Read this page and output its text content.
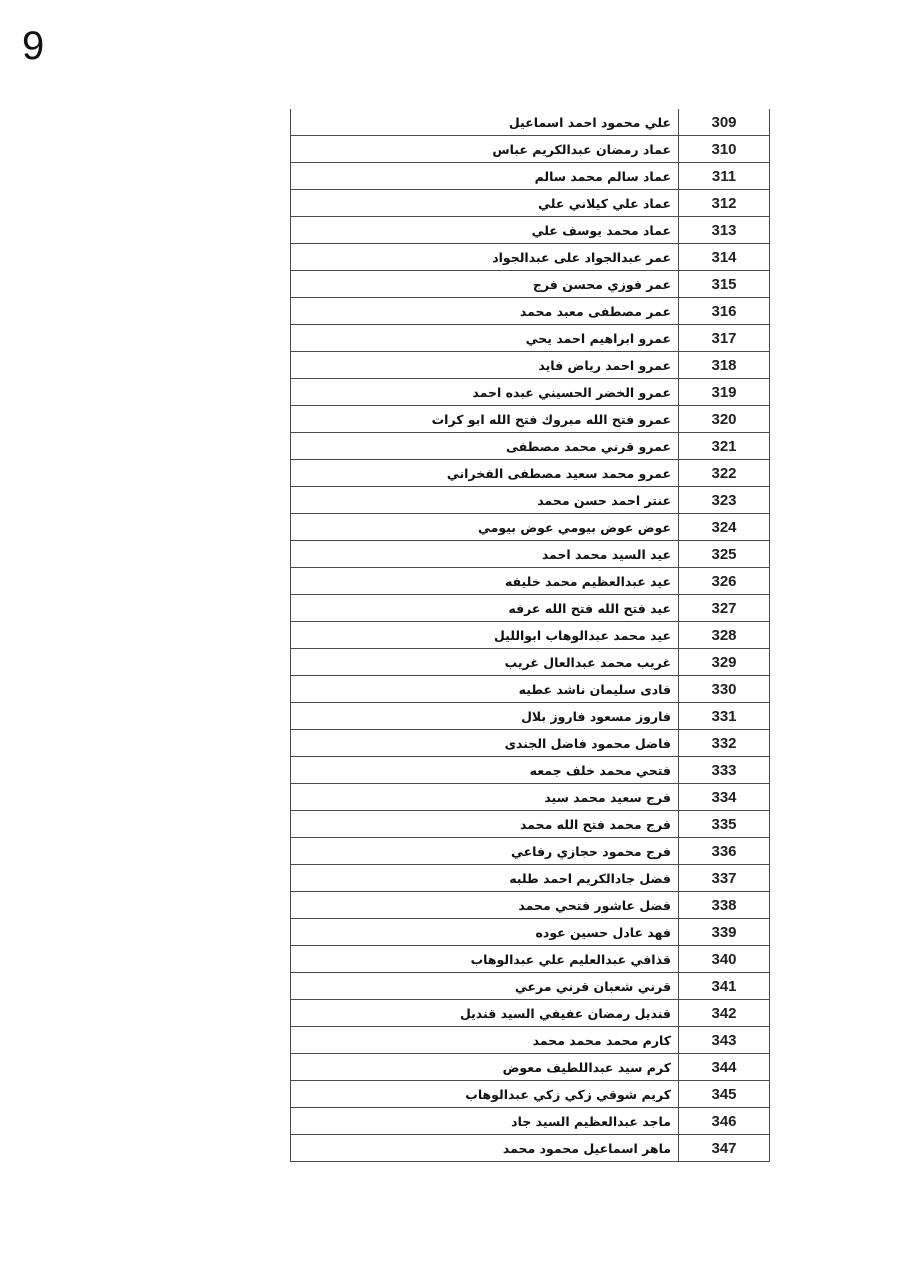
9
309	علي محمود احمد اسماعيل
310	عماد رمضان عبدالكريم عباس
311	عماد سالم محمد سالم
312	عماد علي كيلاني علي
313	عماد محمد يوسف علي
314	عمر عبدالجواد على عبدالجواد
315	عمر فوزي محسن فرج
316	عمر مصطفى معبد محمد
317	عمرو ابراهيم احمد يحي
318	عمرو احمد رياض فايد
319	عمرو الخضر الحسيني عبده احمد
320	عمرو فتح الله مبروك فتح الله ابو كرات
321	عمرو قرني محمد مصطفى
322	عمرو محمد سعيد مصطفى الفخراني
323	عنتر احمد حسن محمد
324	عوض عوض بيومي عوض بيومي
325	عيد السيد محمد احمد
326	عيد عبدالعظيم محمد خليفه
327	عيد فتح الله فتح الله عرفه
328	عيد محمد عبدالوهاب ابوالليل
329	غريب محمد عبدالعال غريب
330	فادى سليمان ناشد عطيه
331	فاروز مسعود فاروز بلال
332	فاضل محمود فاضل الجندى
333	فتحي محمد خلف جمعه
334	فرج سعيد محمد سيد
335	فرج محمد فتح الله محمد
336	فرج محمود حجازي رفاعي
337	فضل جادالكريم احمد طلبه
338	فضل عاشور فتحي محمد
339	فهد عادل حسين عوده
340	قذافي عبدالعليم علي عبدالوهاب
341	قرني شعبان قرني مرعي
342	قنديل رمضان عفيفي السيد قنديل
343	كارم محمد محمد محمد
344	كرم سيد عبداللطيف معوض
345	كريم شوقي زكي زكي عبدالوهاب
346	ماجد عبدالعظيم السيد جاد
347	ماهر اسماعيل محمود محمد
